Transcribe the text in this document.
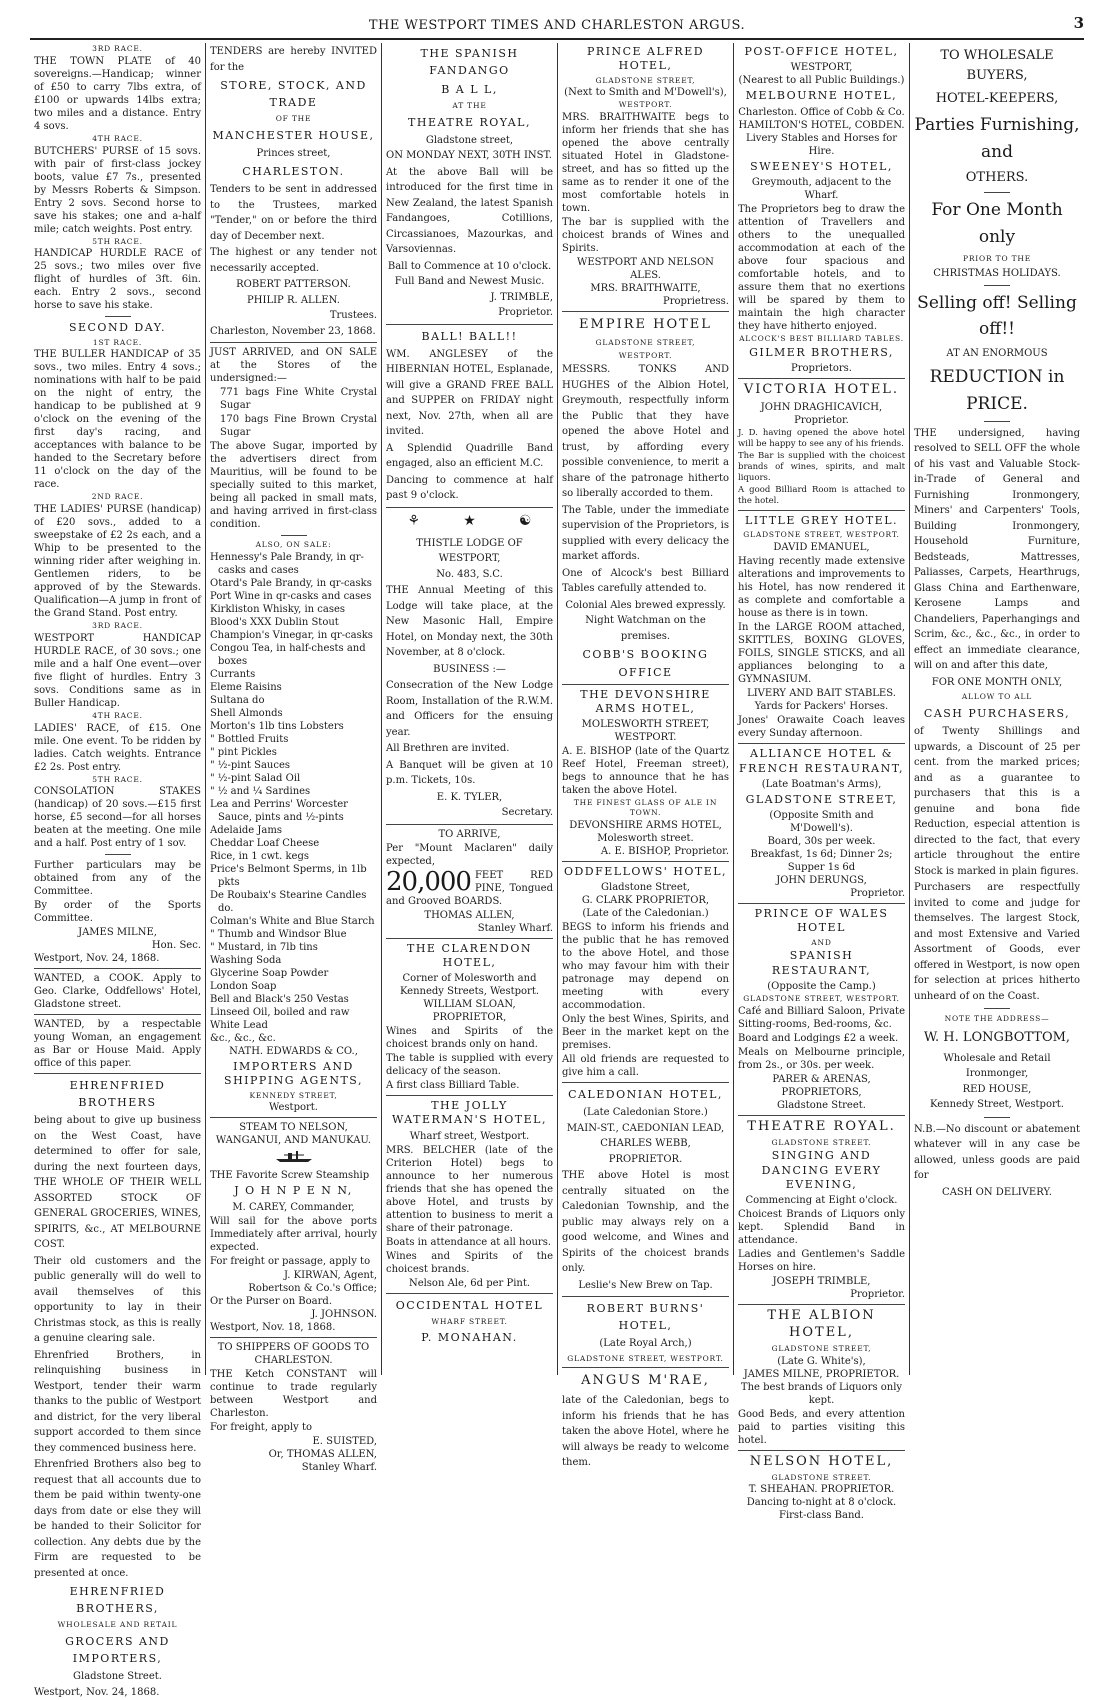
THE WESTPORT TIMES AND CHARLESTON ARGUS.	3
3RD RACE.

THE TOWN PLATE of 40 sovereigns.—Handicap; winner of £50 to carry 7lbs extra, of £100 or upwards 14lbs extra; two miles and a distance. Entry 4 sovs.

4TH RACE.

BUTCHERS' PURSE of 15 sovs. with pair of first-class jockey boots, value £7 7s., presented by Messrs Roberts & Simpson. Entry 2 sovs. Second horse to save his stakes; one and a-half mile; catch weights. Post entry.

5TH RACE.

HANDICAP HURDLE RACE of 25 sovs.; two miles over five flight of hurdles of 3ft. 6in. each. Entry 2 sovs., second horse to save his stake.

SECOND DAY.
1ST RACE.

THE BULLER HANDICAP of 35 sovs., two miles. Entry 4 sovs.; nominations with half to be paid on the night of entry, the handicap to be published at 9 o'clock on the evening of the first day's racing, and acceptances with balance to be handed to the Secretary before 11 o'clock on the day of the race.

2ND RACE.

THE LADIES' PURSE (handicap) of £20 sovs., added to a sweepstake of £2 2s each, and a Whip to be presented to the winning rider after weighing in. Gentlemen riders, to be approved of by the Stewards. Qualification—A jump in front of the Grand Stand. Post entry.

3RD RACE.

WESTPORT HANDICAP HURDLE RACE, of 30 sovs.; one mile and a half One event—over five flight of hurdles. Entry 3 sovs. Conditions same as in Buller Handicap.

4TH RACE.

LADIES' RACE, of £15. One mile. One event. To be ridden by ladies. Catch weights. Entrance £2 2s. Post entry.

5TH RACE.

CONSOLATION STAKES (handicap) of 20 sovs.—£15 first horse, £5 second—for all horses beaten at the meeting. One mile and a half. Post entry of 1 sov.

Further particulars may be obtained from any of the Committee.

By order of the Sports Committee.

JAMES MILNE,
Hon. Sec.
Westport, Nov. 24, 1868.

WANTED, a COOK. Apply to Geo. Clarke, Oddfellows' Hotel, Gladstone street.

WANTED, by a respectable young Woman, an engagement as Bar or House Maid. Apply office of this paper.

EHRENFRIED BROTHERS

being about to give up business on the West Coast, have determined to offer for sale, during the next fourteen days, THE WHOLE OF THEIR WELL ASSORTED STOCK OF GENERAL GROCERIES, WINES, SPIRITS, &c., AT MELBOURNE COST.

Their old customers and the public generally will do well to avail themselves of this opportunity to lay in their Christmas stock, as this is really a genuine clearing sale.

Ehrenfried Brothers, in relinquishing business in Westport, tender their warm thanks to the public of Westport and district, for the very liberal support accorded to them since they commenced business here.

Ehrenfried Brothers also beg to request that all accounts due to them be paid within twenty-one days from date or else they will be handed to their Solicitor for collection. Any debts due by the Firm are requested to be presented at once.

EHRENFRIED BROTHERS,
WHOLESALE AND RETAIL
GROCERS AND IMPORTERS,
Gladstone Street.
Westport, Nov. 24, 1868.

TENDERS are hereby INVITED for the

STORE, STOCK, AND TRADE
OF THE
MANCHESTER HOUSE,
Princes street,
CHARLESTON.

Tenders to be sent in addressed to the Trustees, marked "Tender," on or before the third day of December next.

The highest or any tender not necessarily accepted.

ROBERT PATTERSON.
PHILIP R. ALLEN.
Trustees.
Charleston, November 23, 1868.

JUST ARRIVED, and ON SALE at the Stores of the undersigned:—

771 bags Fine White Crystal Sugar

170 bags Fine Brown Crystal Sugar

The above Sugar, imported by the advertisers direct from Mauritius, will be found to be specially suited to this market, being all packed in small mats, and having arrived in first-class condition.

ALSO, ON SALE:

Hennessy's Pale Brandy, in qr-casks and cases

Otard's Pale Brandy, in qr-casks

Port Wine in qr-casks and cases

Kirkliston Whisky, in cases

Blood's XXX Dublin Stout

Champion's Vinegar, in qr-casks

Congou Tea, in half-chests and boxes

Currants

Eleme Raisins

Sultana do

Shell Almonds

Morton's 1lb tins Lobsters

" Bottled Fruits

" pint Pickles

" ½-pint Sauces

" ½-pint Salad Oil

" ½ and ¼ Sardines

Lea and Perrins' Worcester Sauce, pints and ½-pints

Adelaide Jams

Cheddar Loaf Cheese

Rice, in 1 cwt. kegs

Price's Belmont Sperms, in 1lb pkts

De Roubaix's Stearine Candles do.

Colman's White and Blue Starch

" Thumb and Windsor Blue

" Mustard, in 7lb tins

Washing Soda

Glycerine Soap Powder

London Soap

Bell and Black's 250 Vestas

Linseed Oil, boiled and raw

White Lead

&c., &c., &c.

NATH. EDWARDS & CO.,
IMPORTERS AND SHIPPING AGENTS,
KENNEDY STREET,
Westport.
STEAM TO NELSON, WANGANUI, AND MANUKAU.

THE Favorite Screw Steamship

J O H N P E N N,
M. CAREY, Commander,

Will sail for the above ports Immediately after arrival, hourly expected.

For freight or passage, apply to

J. KIRWAN, Agent,
Robertson & Co.'s Office;
Or the Purser on Board.
J. JOHNSON.
Westport, Nov. 18, 1868.
TO SHIPPERS OF GOODS TO CHARLESTON.

THE Ketch CONSTANT will continue to trade regularly between Westport and Charleston.

For freight, apply to

E. SUISTED,
Or, THOMAS ALLEN,
Stanley Wharf.
THE SPANISH FANDANGO
B A L L,
AT THE
THEATRE ROYAL,
Gladstone street,
ON MONDAY NEXT, 30TH INST.

At the above Ball will be introduced for the first time in New Zealand, the latest Spanish Fandangoes, Cotillions, Circassianoes, Mazourkas, and Varsoviennas.

Ball to Commence at 10 o'clock.
Full Band and Newest Music.
J. TRIMBLE,
Proprietor.
BALL! BALL!!

WM. ANGLESEY of the HIBERNIAN HOTEL, Esplanade, will give a GRAND FREE BALL and SUPPER on FRIDAY night next, Nov. 27th, when all are invited.

A Splendid Quadrille Band engaged, also an efficient M.C.

Dancing to commence at half past 9 o'clock.

⚘	★	☯
THISTLE LODGE OF WESTPORT,
No. 483, S.C.

THE Annual Meeting of this Lodge will take place, at the New Masonic Hall, Empire Hotel, on Monday next, the 30th November, at 8 o'clock.

BUSINESS :—

Consecration of the New Lodge Room, Installation of the R.W.M. and Officers for the ensuing year.

All Brethren are invited.

A Banquet will be given at 10 p.m. Tickets, 10s.

E. K. TYLER,
Secretary.
TO ARRIVE,

Per "Mount Maclaren" daily expected,

20,000 FEET RED PINE, Tongued and Grooved BOARDS.

THOMAS ALLEN,
Stanley Wharf.
THE CLARENDON HOTEL,
Corner of Molesworth and Kennedy Streets, Westport.
WILLIAM SLOAN, PROPRIETOR,

Wines and Spirits of the choicest brands only on hand.

The table is supplied with every delicacy of the season.

A first class Billiard Table.

THE JOLLY WATERMAN'S HOTEL,
Wharf street, Westport.

MRS. BELCHER (late of the Criterion Hotel) begs to announce to her numerous friends that she has opened the above Hotel, and trusts by attention to business to merit a share of their patronage.

Boats in attendance at all hours.

Wines and Spirits of the choicest brands.

Nelson Ale, 6d per Pint.
OCCIDENTAL HOTEL
WHARF STREET.
P. MONAHAN.
PRINCE ALFRED HOTEL,
GLADSTONE STREET,
(Next to Smith and M'Dowell's),
WESTPORT.

MRS. BRAITHWAITE begs to inform her friends that she has opened the above centrally situated Hotel in Gladstone-street, and has so fitted up the same as to render it one of the most comfortable hotels in town.

The bar is supplied with the choicest brands of Wines and Spirits.

WESTPORT AND NELSON ALES.
MRS. BRAITHWAITE,
Proprietress.
EMPIRE HOTEL
GLADSTONE STREET,
WESTPORT.

MESSRS. TONKS AND HUGHES of the Albion Hotel, Greymouth, respectfully inform the Public that they have opened the above Hotel and trust, by affording every possible convenience, to merit a share of the patronage hitherto so liberally accorded to them.

The Table, under the immediate supervision of the Proprietors, is supplied with every delicacy the market affords.

One of Alcock's best Billiard Tables carefully attended to.

Colonial Ales brewed expressly.
Night Watchman on the premises.
COBB'S BOOKING OFFICE
THE DEVONSHIRE ARMS HOTEL,
MOLESWORTH STREET, WESTPORT.

A. E. BISHOP (late of the Quartz Reef Hotel, Freeman street), begs to announce that he has taken the above Hotel.

THE FINEST GLASS OF ALE IN TOWN.
DEVONSHIRE ARMS HOTEL,
Molesworth street.
A. E. BISHOP, Proprietor.
ODDFELLOWS' HOTEL,
Gladstone Street,
G. CLARK PROPRIETOR,
(Late of the Caledonian.)

BEGS to inform his friends and the public that he has removed to the above Hotel, and those who may favour him with their patronage may depend on meeting with every accommodation.

Only the best Wines, Spirits, and Beer in the market kept on the premises.

All old friends are requested to give him a call.

CALEDONIAN HOTEL,
(Late Caledonian Store.)
MAIN-ST., CAEDONIAN LEAD,
CHARLES WEBB, PROPRIETOR.

THE above Hotel is most centrally situated on the Caledonian Township, and the public may always rely on a good welcome, and Wines and Spirits of the choicest brands only.

Leslie's New Brew on Tap.
ROBERT BURNS' HOTEL,
(Late Royal Arch,)
GLADSTONE STREET, WESTPORT.
ANGUS M'RAE,

late of the Caledonian, begs to inform his friends that he has taken the above Hotel, where he will always be ready to welcome them.

POST-OFFICE HOTEL,
WESTPORT,
(Nearest to all Public Buildings.)
MELBOURNE HOTEL,
Charleston. Office of Cobb & Co.
HAMILTON'S HOTEL, COBDEN.
Livery Stables and Horses for Hire.
SWEENEY'S HOTEL,
Greymouth, adjacent to the Wharf.

The Proprietors beg to draw the attention of Travellers and others to the unequalled accommodation at each of the above four spacious and comfortable hotels, and to assure them that no exertions will be spared by them to maintain the high character they have hitherto enjoyed.

ALCOCK'S BEST BILLIARD TABLES.
GILMER BROTHERS,
Proprietors.
VICTORIA HOTEL.
JOHN DRAGHICAVICH,
Proprietor.

J. D. having opened the above hotel will be happy to see any of his friends.

The Bar is supplied with the choicest brands of wines, spirits, and malt liquors.

A good Billiard Room is attached to the hotel.

LITTLE GREY HOTEL.
GLADSTONE STREET, WESTPORT.
DAVID EMANUEL,

Having recently made extensive alterations and improvements to his Hotel, has now rendered it as complete and comfortable a house as there is in town.

In the LARGE ROOM attached, SKITTLES, BOXING GLOVES, FOILS, SINGLE STICKS, and all appliances belonging to a GYMNASIUM.

LIVERY AND BAIT STABLES.
Yards for Packers' Horses.

Jones' Orawaite Coach leaves every Sunday afternoon.

ALLIANCE HOTEL & FRENCH RESTAURANT,
(Late Boatman's Arms),
GLADSTONE STREET,
(Opposite Smith and M'Dowell's).
Board, 30s per week.
Breakfast, 1s 6d; Dinner 2s; Supper 1s 6d
JOHN DERUNGS,
Proprietor.
PRINCE OF WALES HOTEL
AND
SPANISH RESTAURANT,
(Opposite the Camp.)
GLADSTONE STREET, WESTPORT.

Café and Billiard Saloon, Private Sitting-rooms, Bed-rooms, &c.

Board and Lodgings £2 a week.

Meals on Melbourne principle, from 2s., or 30s. per week.

PARER & ARENAS, PROPRIETORS,
Gladstone Street.
THEATRE ROYAL.
GLADSTONE STREET.
SINGING AND DANCING EVERY EVENING,
Commencing at Eight o'clock.

Choicest Brands of Liquors only kept. Splendid Band in attendance.

Ladies and Gentlemen's Saddle Horses on hire.

JOSEPH TRIMBLE,
Proprietor.
THE ALBION HOTEL,
GLADSTONE STREET,
(Late G. White's),
JAMES MILNE, PROPRIETOR.
The best brands of Liquors only kept.

Good Beds, and every attention paid to parties visiting this hotel.

NELSON HOTEL,
GLADSTONE STREET.
T. SHEAHAN. PROPRIETOR.
Dancing to-night at 8 o'clock.
First-class Band.
TO WHOLESALE BUYERS,
HOTEL-KEEPERS,
Parties Furnishing, and
OTHERS.
For One Month only
PRIOR TO THE
CHRISTMAS HOLIDAYS.
Selling off! Selling off!!
AT AN ENORMOUS
REDUCTION in PRICE.

THE undersigned, having resolved to SELL OFF the whole of his vast and Valuable Stock-in-Trade of General and Furnishing Ironmongery, Miners' and Carpenters' Tools, Building Ironmongery, Household Furniture, Bedsteads, Mattresses, Paliasses, Carpets, Hearthrugs, Glass China and Earthenware, Kerosene Lamps and Chandeliers, Paperhangings and Scrim, &c., &c., &c., in order to effect an immediate clearance, will on and after this date,

FOR ONE MONTH ONLY,
ALLOW TO ALL
CASH PURCHASERS,

of Twenty Shillings and upwards, a Discount of 25 per cent. from the marked prices; and as a guarantee to purchasers that this is a genuine and bona fide Reduction, especial attention is directed to the fact, that every article throughout the entire Stock is marked in plain figures.

Purchasers are respectfully invited to come and judge for themselves. The largest Stock, and most Extensive and Varied Assortment of Goods, ever offered in Westport, is now open for selection at prices hitherto unheard of on the Coast.

NOTE THE ADDRESS—
W. H. LONGBOTTOM,
Wholesale and Retail Ironmonger,
RED HOUSE,
Kennedy Street, Westport.

N.B.—No discount or abatement whatever will in any case be allowed, unless goods are paid for

CASH ON DELIVERY.
